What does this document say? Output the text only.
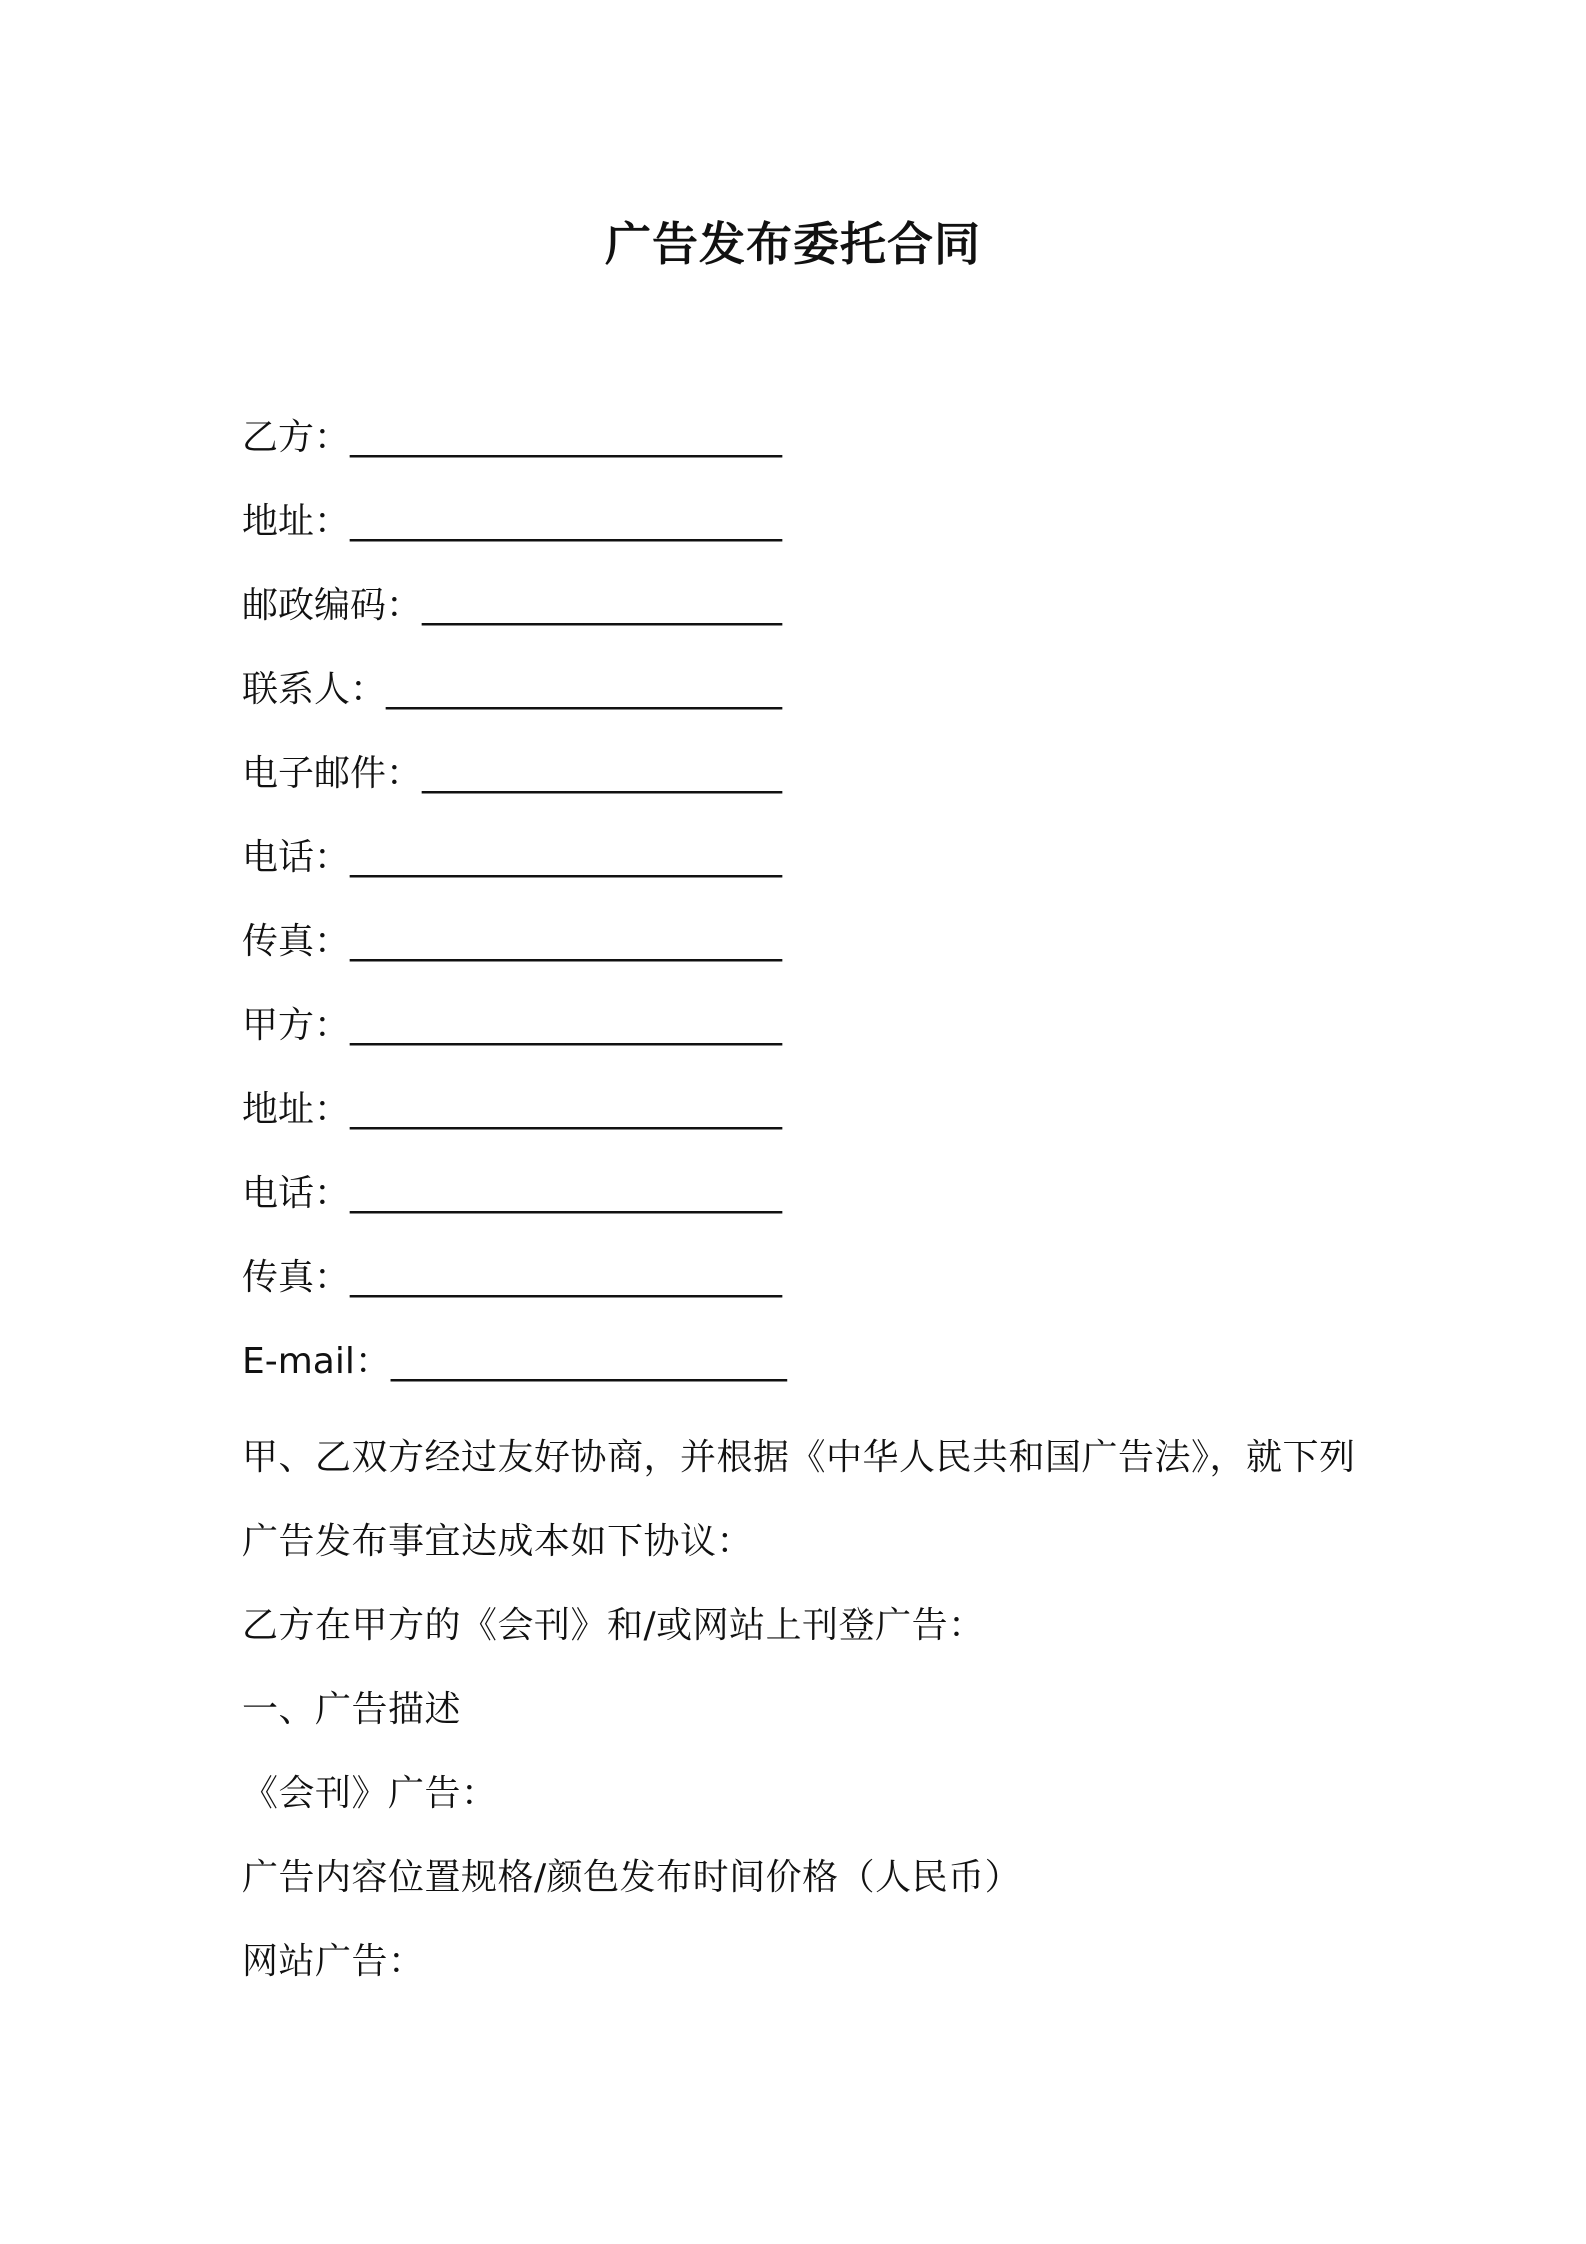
广告发布委托合同
乙方：________________________
地址：________________________
邮政编码：____________________
联系人：______________________
电子邮件：____________________
电话：________________________
传真：________________________
甲方：________________________
地址：________________________
电话：________________________
传真：________________________
E-mail：______________________
甲、乙双方经过友好协商，并根据《中华人民共和国广告法》，就下列广告发布事宜达成本如下协议：
乙方在甲方的《会刊》和/或网站上刊登广告：
一、广告描述
《会刊》广告：
广告内容位置规格/颜色发布时间价格（人民币）
网站广告：
